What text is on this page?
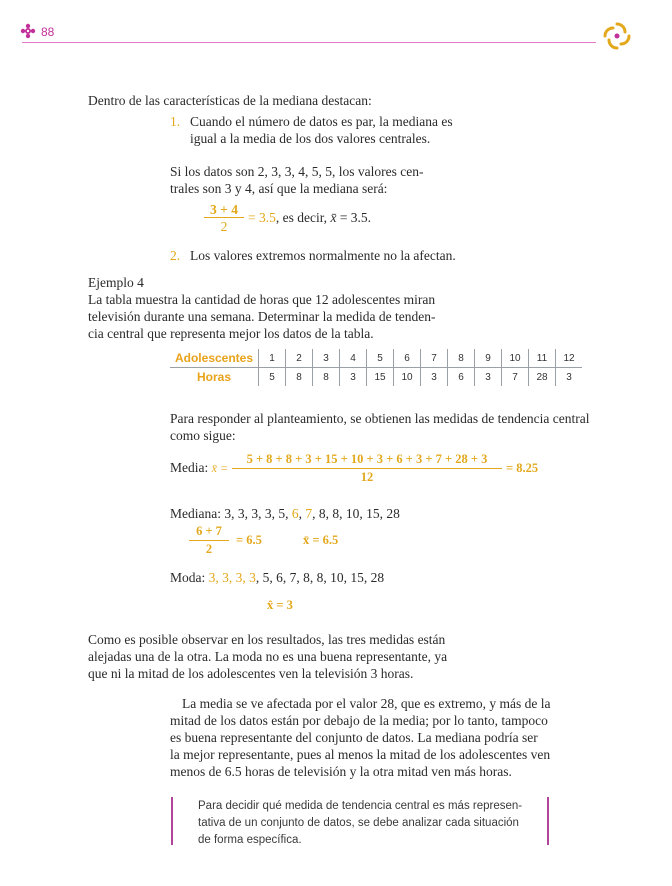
88
Dentro de las características de la mediana destacan:
1. Cuando el número de datos es par, la mediana es
igual a la media de los dos valores centrales.
Si los datos son 2, 3, 3, 4, 5, 5, los valores cen-
trales son 3 y 4, así que la mediana será:
3 + 4
2
= 3.5, es decir, x̄ = 3.5.
2. Los valores extremos normalmente no la afectan.
Ejemplo 4
La tabla muestra la cantidad de horas que 12 adolescentes miran
televisión durante una semana. Determinar la medida de tenden-
cia central que representa mejor los datos de la tabla.
Adolescentes	1	2	3	4	5	6	7	8	9	10	11	12
Horas	5	8	8	3	15	10	3	6	3	7	28	3
Para responder al planteamiento, se obtienen las medidas de tendencia central
como sigue:
Media: x̄ =
5 + 8 + 8 + 3 + 15 + 10 + 3 + 6 + 3 + 7 + 28 + 3
12
= 8.25
Mediana: 3, 3, 3, 3, 5, 6, 7, 8, 8, 10, 15, 28
6 + 7
2
= 6.5	x̄ = 6.5
Moda: 3, 3, 3, 3, 5, 6, 7, 8, 8, 10, 15, 28
x̂ = 3
Como es posible observar en los resultados, las tres medidas están
alejadas una de la otra. La moda no es una buena representante, ya
que ni la mitad de los adolescentes ven la televisión 3 horas.
La media se ve afectada por el valor 28, que es extremo, y más de la
mitad de los datos están por debajo de la media; por lo tanto, tampoco
es buena representante del conjunto de datos. La mediana podría ser
la mejor representante, pues al menos la mitad de los adolescentes ven
menos de 6.5 horas de televisión y la otra mitad ven más horas.
Para decidir qué medida de tendencia central es más represen-
tativa de un conjunto de datos, se debe analizar cada situación
de forma específica.
